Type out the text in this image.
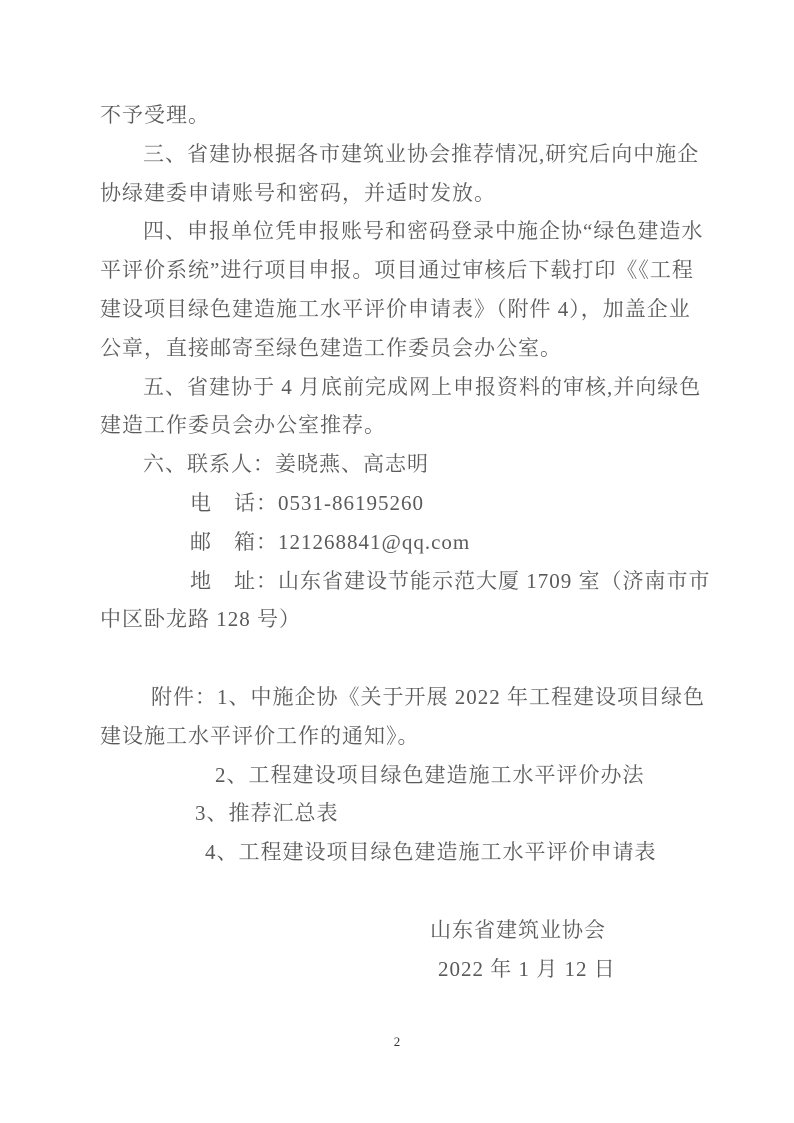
不予受理。
三、省建协根据各市建筑业协会推荐情况,研究后向中施企
协绿建委申请账号和密码，并适时发放。
四、申报单位凭申报账号和密码登录中施企协“绿色建造水
平评价系统”进行项目申报。项目通过审核后下载打印《《工程
建设项目绿色建造施工水平评价申请表》（附件 4），加盖企业
公章，直接邮寄至绿色建造工作委员会办公室。
五、省建协于 4 月底前完成网上申报资料的审核,并向绿色
建造工作委员会办公室推荐。
六、联系人：姜晓燕、高志明
电　话：0531-86195260
邮　箱：121268841@qq.com
地　址：山东省建设节能示范大厦 1709 室（济南市市
中区卧龙路 128 号）
附件：1、中施企协《关于开展 2022 年工程建设项目绿色
建设施工水平评价工作的通知》。
2、工程建设项目绿色建造施工水平评价办法
3、推荐汇总表
4、工程建设项目绿色建造施工水平评价申请表
山东省建筑业协会
2022 年 1 月 12 日
2
